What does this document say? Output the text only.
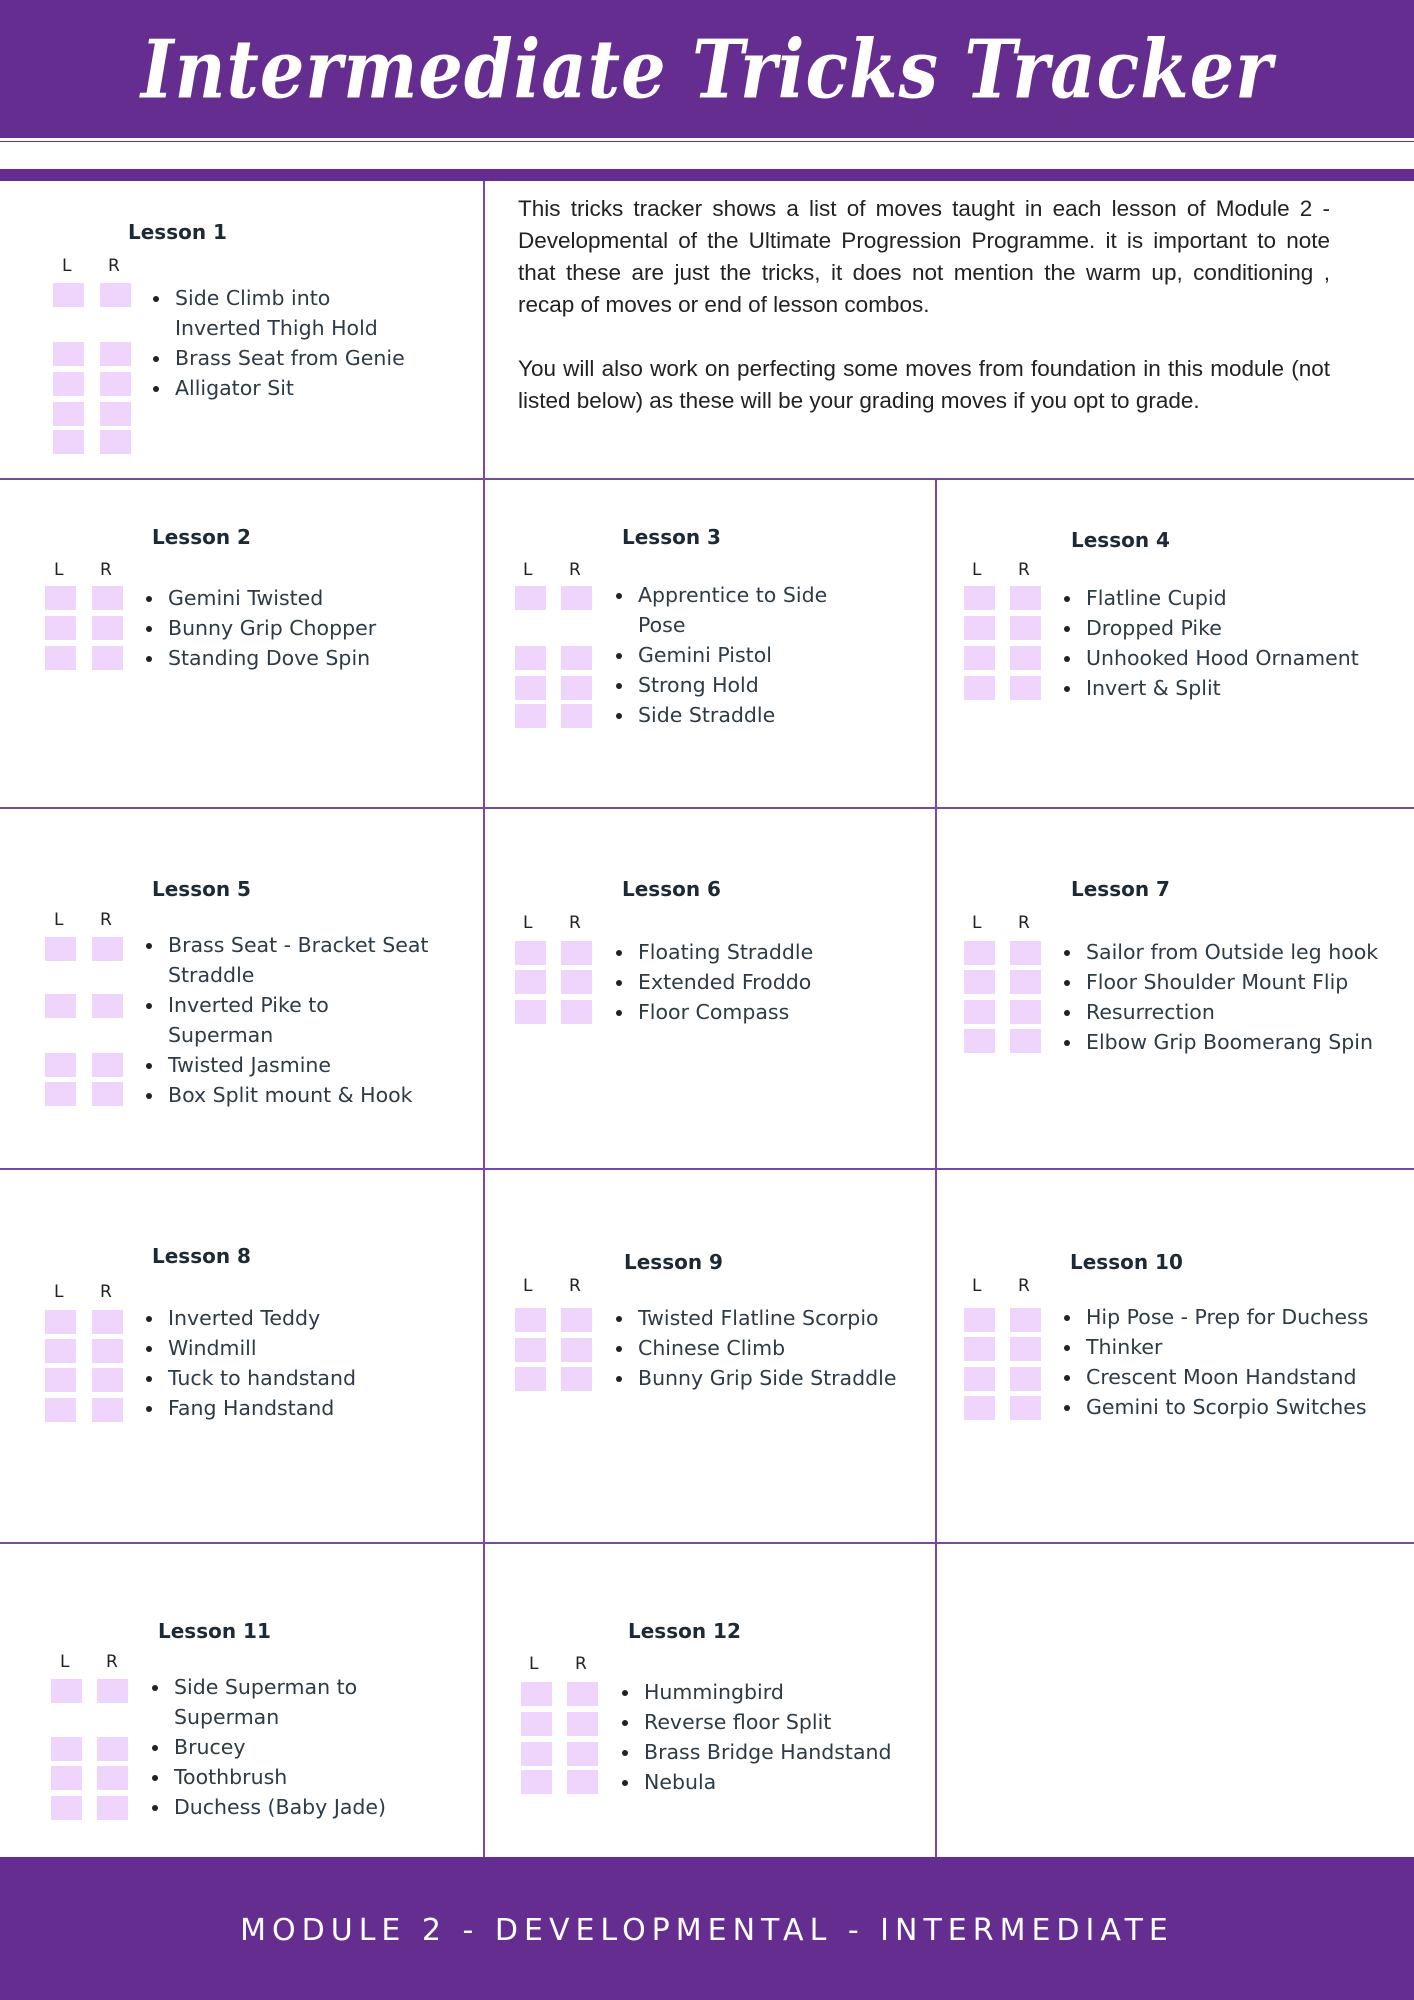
Intermediate Tricks Tracker

This tricks tracker shows a list of moves taught in each lesson of Module 2 - Developmental of the Ultimate Progression Programme. it is important to note that these are just the tricks, it does not mention the warm up, conditioning , recap of moves or end of lesson combos.

You will also work on perfecting some moves from foundation in this module (not listed below) as these will be your grading moves if you opt to grade.

Lesson 1
L R
Side Climb into Inverted Thigh Hold
Brass Seat from Genie
Alligator Sit
Lesson 2
L R
Gemini Twisted
Bunny Grip Chopper
Standing Dove Spin
Lesson 3
L R
Apprentice to Side Pose
Gemini Pistol
Strong Hold
Side Straddle
Lesson 4
L R
Flatline Cupid
Dropped Pike
Unhooked Hood Ornament
Invert & Split
Lesson 5
L R
Brass Seat - Bracket Seat Straddle
Inverted Pike to Superman
Twisted Jasmine
Box Split mount & Hook
Lesson 6
L R
Floating Straddle
Extended Froddo
Floor Compass
Lesson 7
L R
Sailor from Outside leg hook
Floor Shoulder Mount Flip
Resurrection
Elbow Grip Boomerang Spin
Lesson 8
L R
Inverted Teddy
Windmill
Tuck to handstand
Fang Handstand
Lesson 9
L R
Twisted Flatline Scorpio
Chinese Climb
Bunny Grip Side Straddle
Lesson 10
L R
Hip Pose - Prep for Duchess
Thinker
Crescent Moon Handstand
Gemini to Scorpio Switches
Lesson 11
L R
Side Superman to Superman
Brucey
Toothbrush
Duchess (Baby Jade)
Lesson 12
L R
Hummingbird
Reverse floor Split
Brass Bridge Handstand
Nebula
MODULE 2 - DEVELOPMENTAL - INTERMEDIATE
